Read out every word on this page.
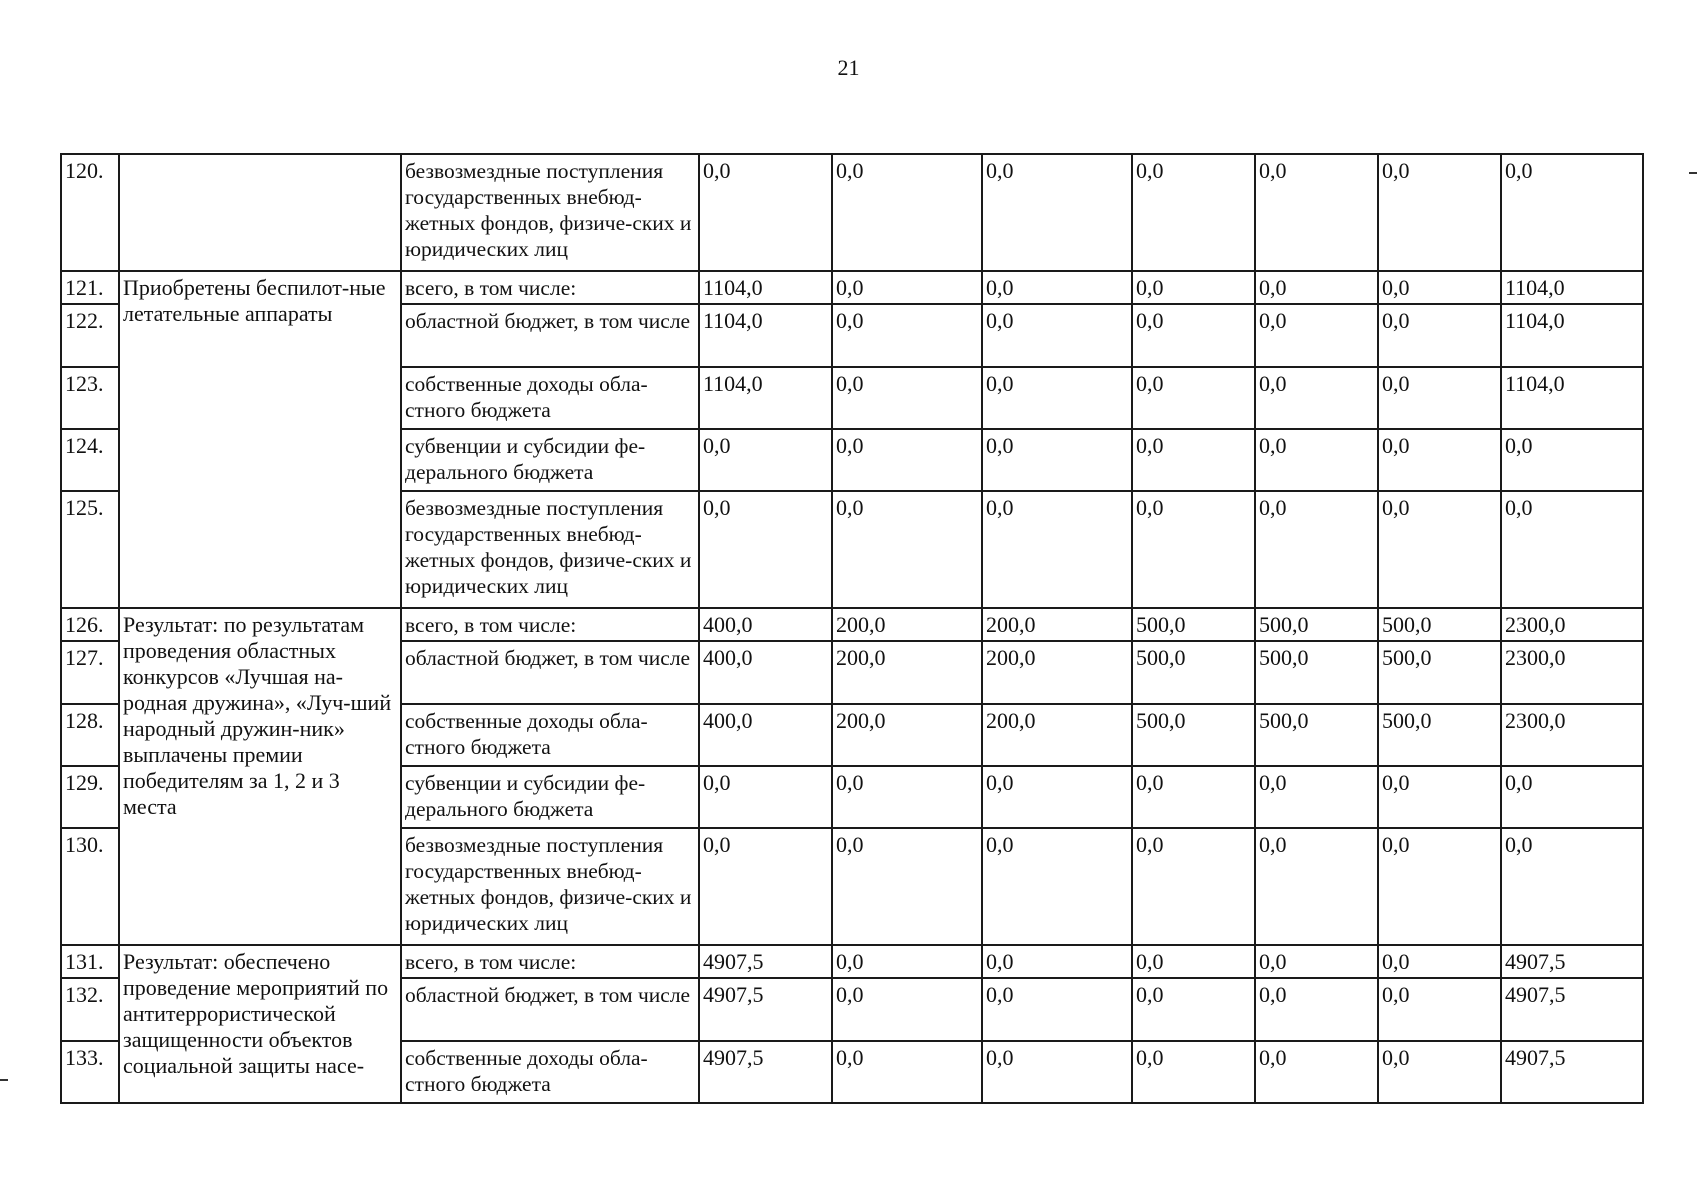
21
120.		безвозмездные поступления государственных внебюд-жетных фондов, физиче-ских и юридических лиц	0,0	0,0	0,0	0,0	0,0	0,0	0,0
121.	Приобретены беспилот-ные летательные аппараты	всего, в том числе:	1104,0	0,0	0,0	0,0	0,0	0,0	1104,0
122.		областной бюджет, в том числе	1104,0	0,0	0,0	0,0	0,0	0,0	1104,0
123.		собственные доходы обла-стного бюджета	1104,0	0,0	0,0	0,0	0,0	0,0	1104,0
124.		субвенции и субсидии фе-дерального бюджета	0,0	0,0	0,0	0,0	0,0	0,0	0,0
125.		безвозмездные поступления государственных внебюд-жетных фондов, физиче-ских и юридических лиц	0,0	0,0	0,0	0,0	0,0	0,0	0,0
126.	Результат: по результатам проведения областных конкурсов «Лучшая на-родная дружина», «Луч-ший народный дружин-ник» выплачены премии победителям за 1, 2 и 3 места	всего, в том числе:	400,0	200,0	200,0	500,0	500,0	500,0	2300,0
127.		областной бюджет, в том числе	400,0	200,0	200,0	500,0	500,0	500,0	2300,0
128.		собственные доходы обла-стного бюджета	400,0	200,0	200,0	500,0	500,0	500,0	2300,0
129.		субвенции и субсидии фе-дерального бюджета	0,0	0,0	0,0	0,0	0,0	0,0	0,0
130.		безвозмездные поступления государственных внебюд-жетных фондов, физиче-ских и юридических лиц	0,0	0,0	0,0	0,0	0,0	0,0	0,0
131.	Результат: обеспечено проведение мероприятий по антитеррористической защищенности объектов социальной защиты насе-	всего, в том числе:	4907,5	0,0	0,0	0,0	0,0	0,0	4907,5
132.		областной бюджет, в том числе	4907,5	0,0	0,0	0,0	0,0	0,0	4907,5
133.		собственные доходы обла-стного бюджета	4907,5	0,0	0,0	0,0	0,0	0,0	4907,5
